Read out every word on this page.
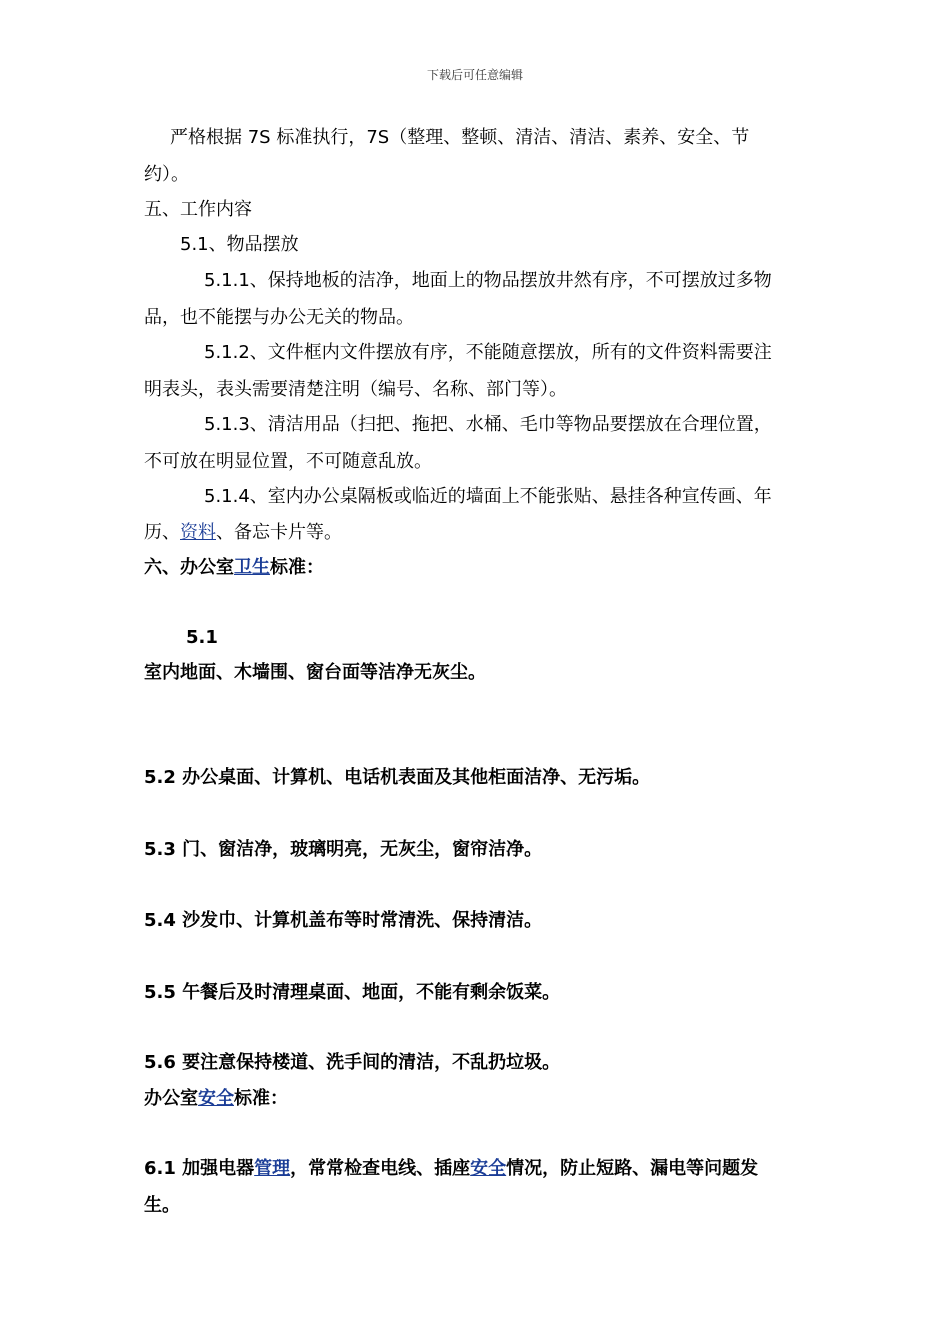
下载后可任意编辑
严格根据 7S 标准执行，7S（整理、整顿、清洁、清洁、素养、安全、节
约）。
五、工作内容
5.1、物品摆放
5.1.1、保持地板的洁净，地面上的物品摆放井然有序，不可摆放过多物
品，也不能摆与办公无关的物品。
5.1.2、文件框内文件摆放有序，不能随意摆放，所有的文件资料需要注
明表头，表头需要清楚注明（编号、名称、部门等）。
5.1.3、清洁用品（扫把、拖把、水桶、毛巾等物品要摆放在合理位置，
不可放在明显位置，不可随意乱放。
5.1.4、室内办公桌隔板或临近的墙面上不能张贴、悬挂各种宣传画、年
历、资料、备忘卡片等。
六、办公室卫生标准：
5.1
室内地面、木墙围、窗台面等洁净无灰尘。
5.2 办公桌面、计算机、电话机表面及其他柜面洁净、无污垢。
5.3 门、窗洁净，玻璃明亮，无灰尘，窗帘洁净。
5.4 沙发巾、计算机盖布等时常清洗、保持清洁。
5.5 午餐后及时清理桌面、地面，不能有剩余饭菜。
5.6 要注意保持楼道、洗手间的清洁，不乱扔垃圾。
办公室安全标准：
6.1 加强电器管理，常常检查电线、插座安全情况，防止短路、漏电等问题发
生。
